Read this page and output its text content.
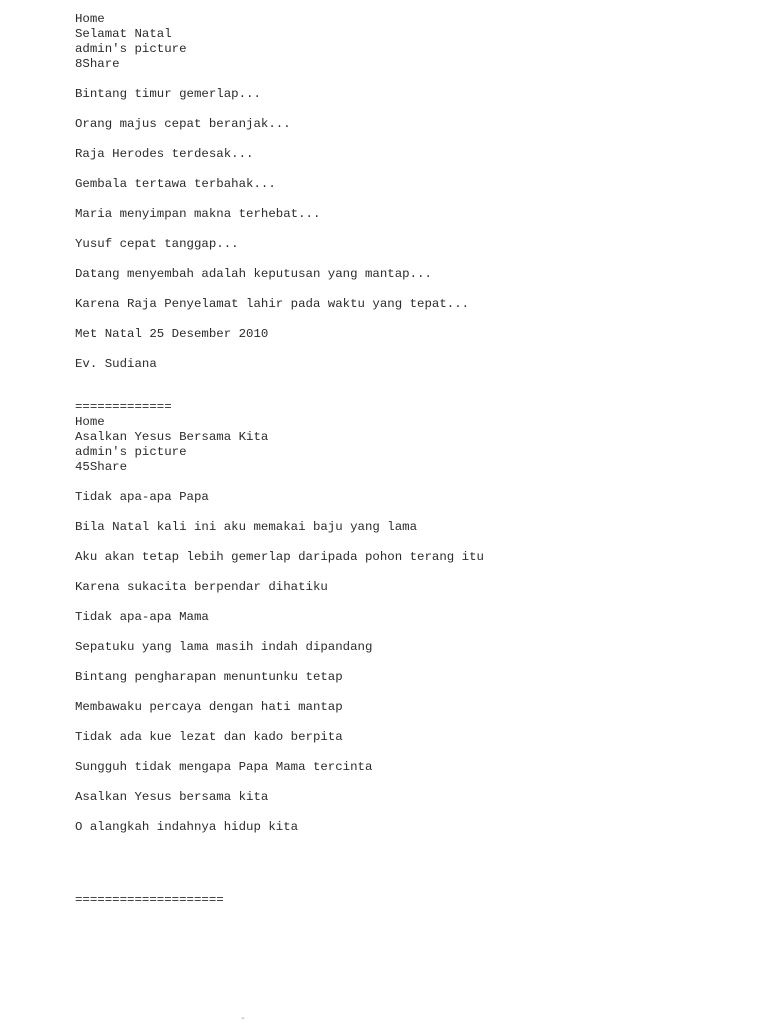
Home
Selamat Natal
admin's picture
8Share
Bintang timur gemerlap...
Orang majus cepat beranjak...
Raja Herodes terdesak...
Gembala tertawa terbahak...
Maria menyimpan makna terhebat...
Yusuf cepat tanggap...
Datang menyembah adalah keputusan yang mantap...
Karena Raja Penyelamat lahir pada waktu yang tepat...
Met Natal 25 Desember 2010
Ev. Sudiana
=============
Home
Asalkan Yesus Bersama Kita
admin's picture
45Share
Tidak apa-apa Papa
Bila Natal kali ini aku memakai baju yang lama
Aku akan tetap lebih gemerlap daripada pohon terang itu
Karena sukacita berpendar dihatiku
Tidak apa-apa Mama
Sepatuku yang lama masih indah dipandang
Bintang pengharapan menuntunku tetap
Membawaku percaya dengan hati mantap
Tidak ada kue lezat dan kado berpita
Sungguh tidak mengapa Papa Mama tercinta
Asalkan Yesus bersama kita
O alangkah indahnya hidup kita
====================
‐
